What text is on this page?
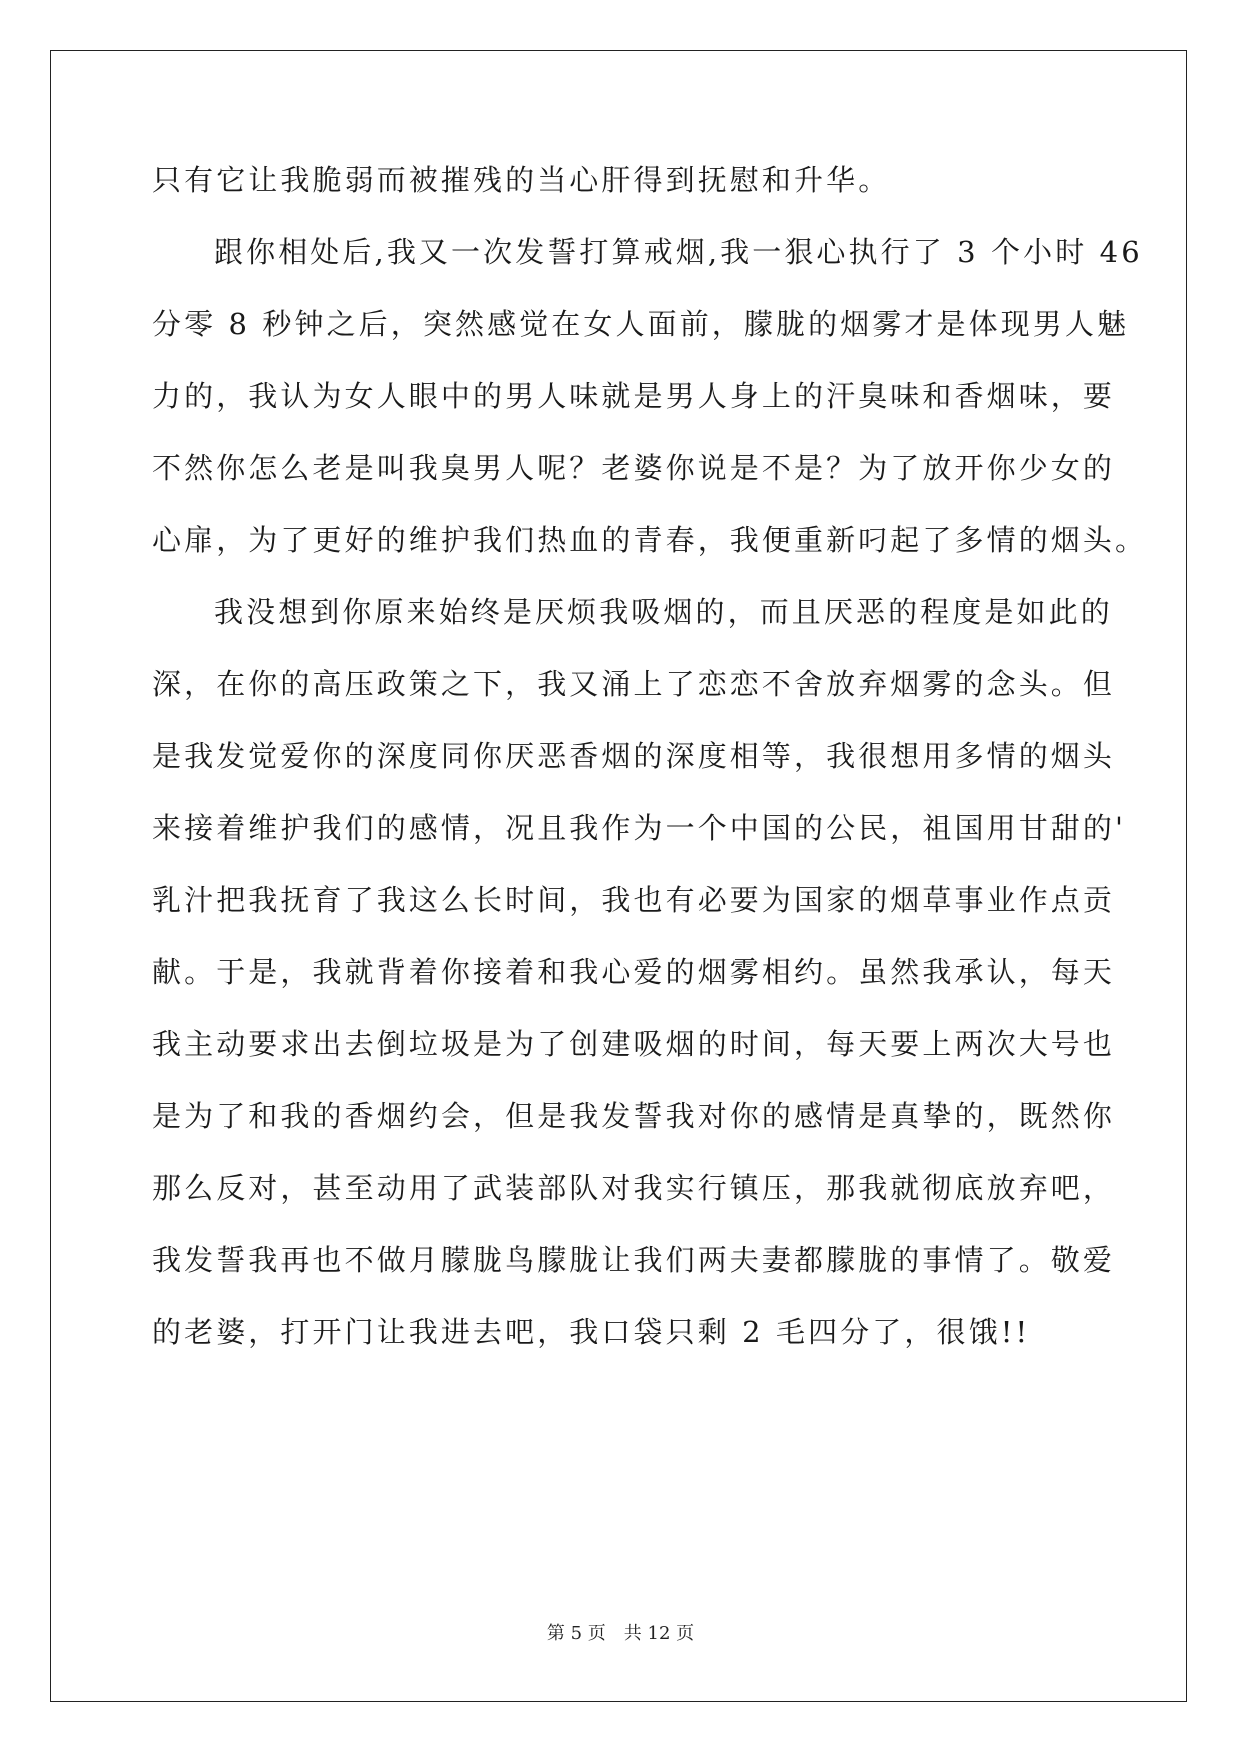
只有它让我脆弱而被摧残的当心肝得到抚慰和升华。
跟你相处后,我又一次发誓打算戒烟,我一狠心执行了 3 个小时 46
分零 8 秒钟之后，突然感觉在女人面前，朦胧的烟雾才是体现男人魅
力的，我认为女人眼中的男人味就是男人身上的汗臭味和香烟味，要
不然你怎么老是叫我臭男人呢？老婆你说是不是？为了放开你少女的
心扉，为了更好的维护我们热血的青春，我便重新叼起了多情的烟头。
我没想到你原来始终是厌烦我吸烟的，而且厌恶的程度是如此的
深，在你的高压政策之下，我又涌上了恋恋不舍放弃烟雾的念头。但
是我发觉爱你的深度同你厌恶香烟的深度相等，我很想用多情的烟头
来接着维护我们的感情，况且我作为一个中国的公民，祖国用甘甜的'
乳汁把我抚育了我这么长时间，我也有必要为国家的烟草事业作点贡
献。于是，我就背着你接着和我心爱的烟雾相约。虽然我承认，每天
我主动要求出去倒垃圾是为了创建吸烟的时间，每天要上两次大号也
是为了和我的香烟约会，但是我发誓我对你的感情是真挚的，既然你
那么反对，甚至动用了武装部队对我实行镇压，那我就彻底放弃吧，
我发誓我再也不做月朦胧鸟朦胧让我们两夫妻都朦胧的事情了。敬爱
的老婆，打开门让我进去吧，我口袋只剩 2 毛四分了，很饿!!
第 5 页　共 12 页
